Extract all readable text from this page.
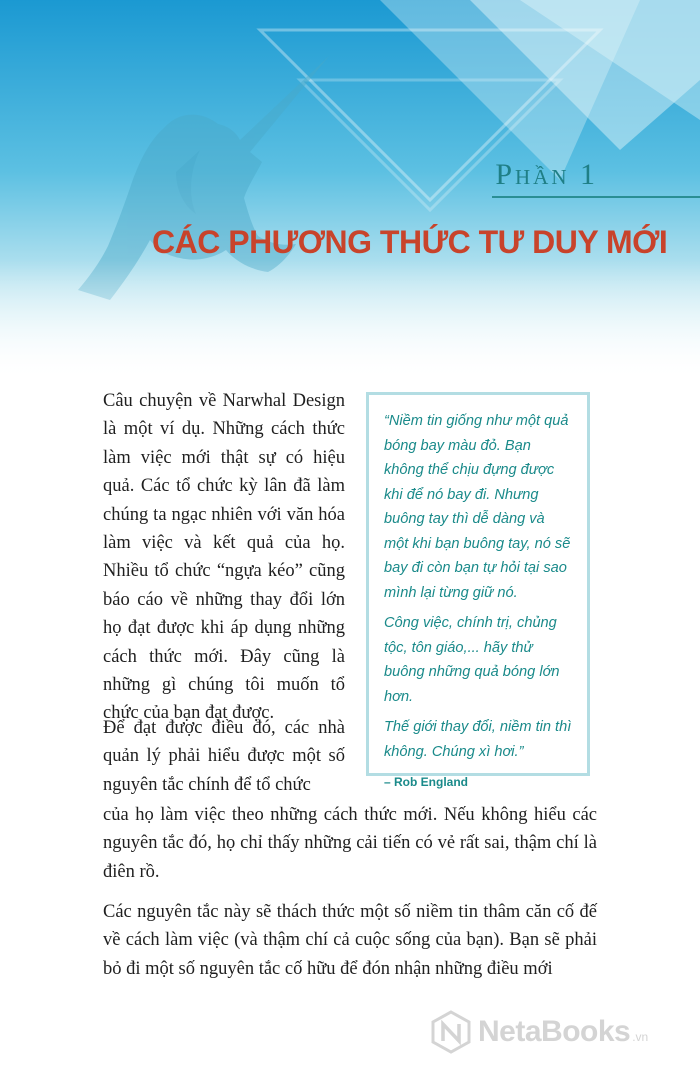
Phần 1
CÁC PHƯƠNG THỨC TƯ DUY MỚI

Câu chuyện về Narwhal Design là một ví dụ. Những cách thức làm việc mới thật sự có hiệu quả. Các tổ chức kỳ lân đã làm chúng ta ngạc nhiên với văn hóa làm việc và kết quả của họ. Nhiều tổ chức “ngựa kéo” cũng báo cáo về những thay đổi lớn họ đạt được khi áp dụng những cách thức mới. Đây cũng là những gì chúng tôi muốn tổ chức của bạn đạt được.

Để đạt được điều đó, các nhà quản lý phải hiểu được một số nguyên tắc chính để tổ chức

của họ làm việc theo những cách thức mới. Nếu không hiểu các nguyên tắc đó, họ chỉ thấy những cải tiến có vẻ rất sai, thậm chí là điên rồ.

Các nguyên tắc này sẽ thách thức một số niềm tin thâm căn cố đế về cách làm việc (và thậm chí cả cuộc sống của bạn). Bạn sẽ phải bỏ đi một số nguyên tắc cố hữu để đón nhận những điều mới

“Niềm tin giống như một quả bóng bay màu đỏ. Bạn không thể chịu đựng được khi để nó bay đi. Nhưng buông tay thì dễ dàng và một khi bạn buông tay, nó sẽ bay đi còn bạn tự hỏi tại sao mình lại từng giữ nó.

Công việc, chính trị, chủng tộc, tôn giáo,... hãy thử buông những quả bóng lớn hơn.

Thế giới thay đổi, niềm tin thì không. Chúng xì hơi.”

– Rob England
NetaBooks .vn
